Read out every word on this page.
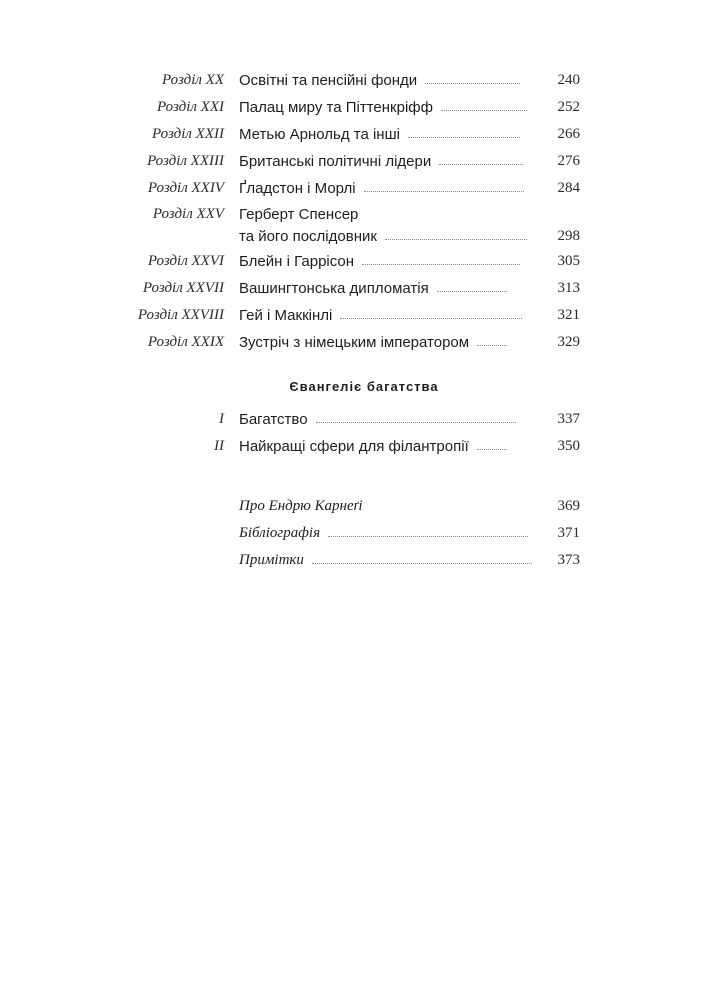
Розділ XX Освітні та пенсійні фонди	240
Розділ XXI Палац миру та Піттенкріфф	252
Розділ XXII Метью Арнольд та інші	266
Розділ XXIII Британські політичні лідери	276
Розділ XXIV Ґладстон і Морлі	284
Розділ XXV Герберт Спенсер
та його послідовник	298
Розділ XXVI Блейн і Гаррісон	305
Розділ XXVII Вашингтонська дипломатія	313
Розділ XXVIII Гей і Маккінлі	321
Розділ XXIX Зустріч з німецьким імператором	329
Євангеліє багатства
I Багатство	337
II Найкращі сфери для філантропії	350
Про Ендрю Карнеґі	369
Бібліографія	371
Примітки	373
